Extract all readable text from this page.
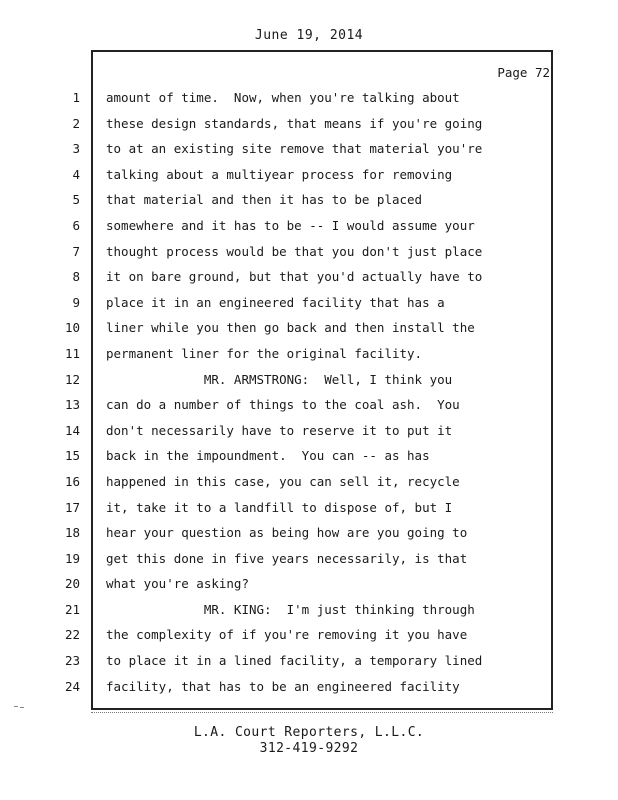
June 19, 2014
Page 72
1
2
3
4
5
6
7
8
9
10
11
12
13
14
15
16
17
18
19
20
21
22
23
24
amount of time.  Now, when you're talking about
these design standards, that means if you're going
to at an existing site remove that material you're
talking about a multiyear process for removing
that material and then it has to be placed
somewhere and it has to be -- I would assume your
thought process would be that you don't just place
it on bare ground, but that you'd actually have to
place it in an engineered facility that has a
liner while you then go back and then install the
permanent liner for the original facility.
MR. ARMSTRONG:  Well, I think you
can do a number of things to the coal ash.  You
don't necessarily have to reserve it to put it
back in the impoundment.  You can -- as has
happened in this case, you can sell it, recycle
it, take it to a landfill to dispose of, but I
hear your question as being how are you going to
get this done in five years necessarily, is that
what you're asking?
MR. KING:  I'm just thinking through
the complexity of if you're removing it you have
to place it in a lined facility, a temporary lined
facility, that has to be an engineered facility
L.A. Court Reporters, L.L.C.
312-419-9292
